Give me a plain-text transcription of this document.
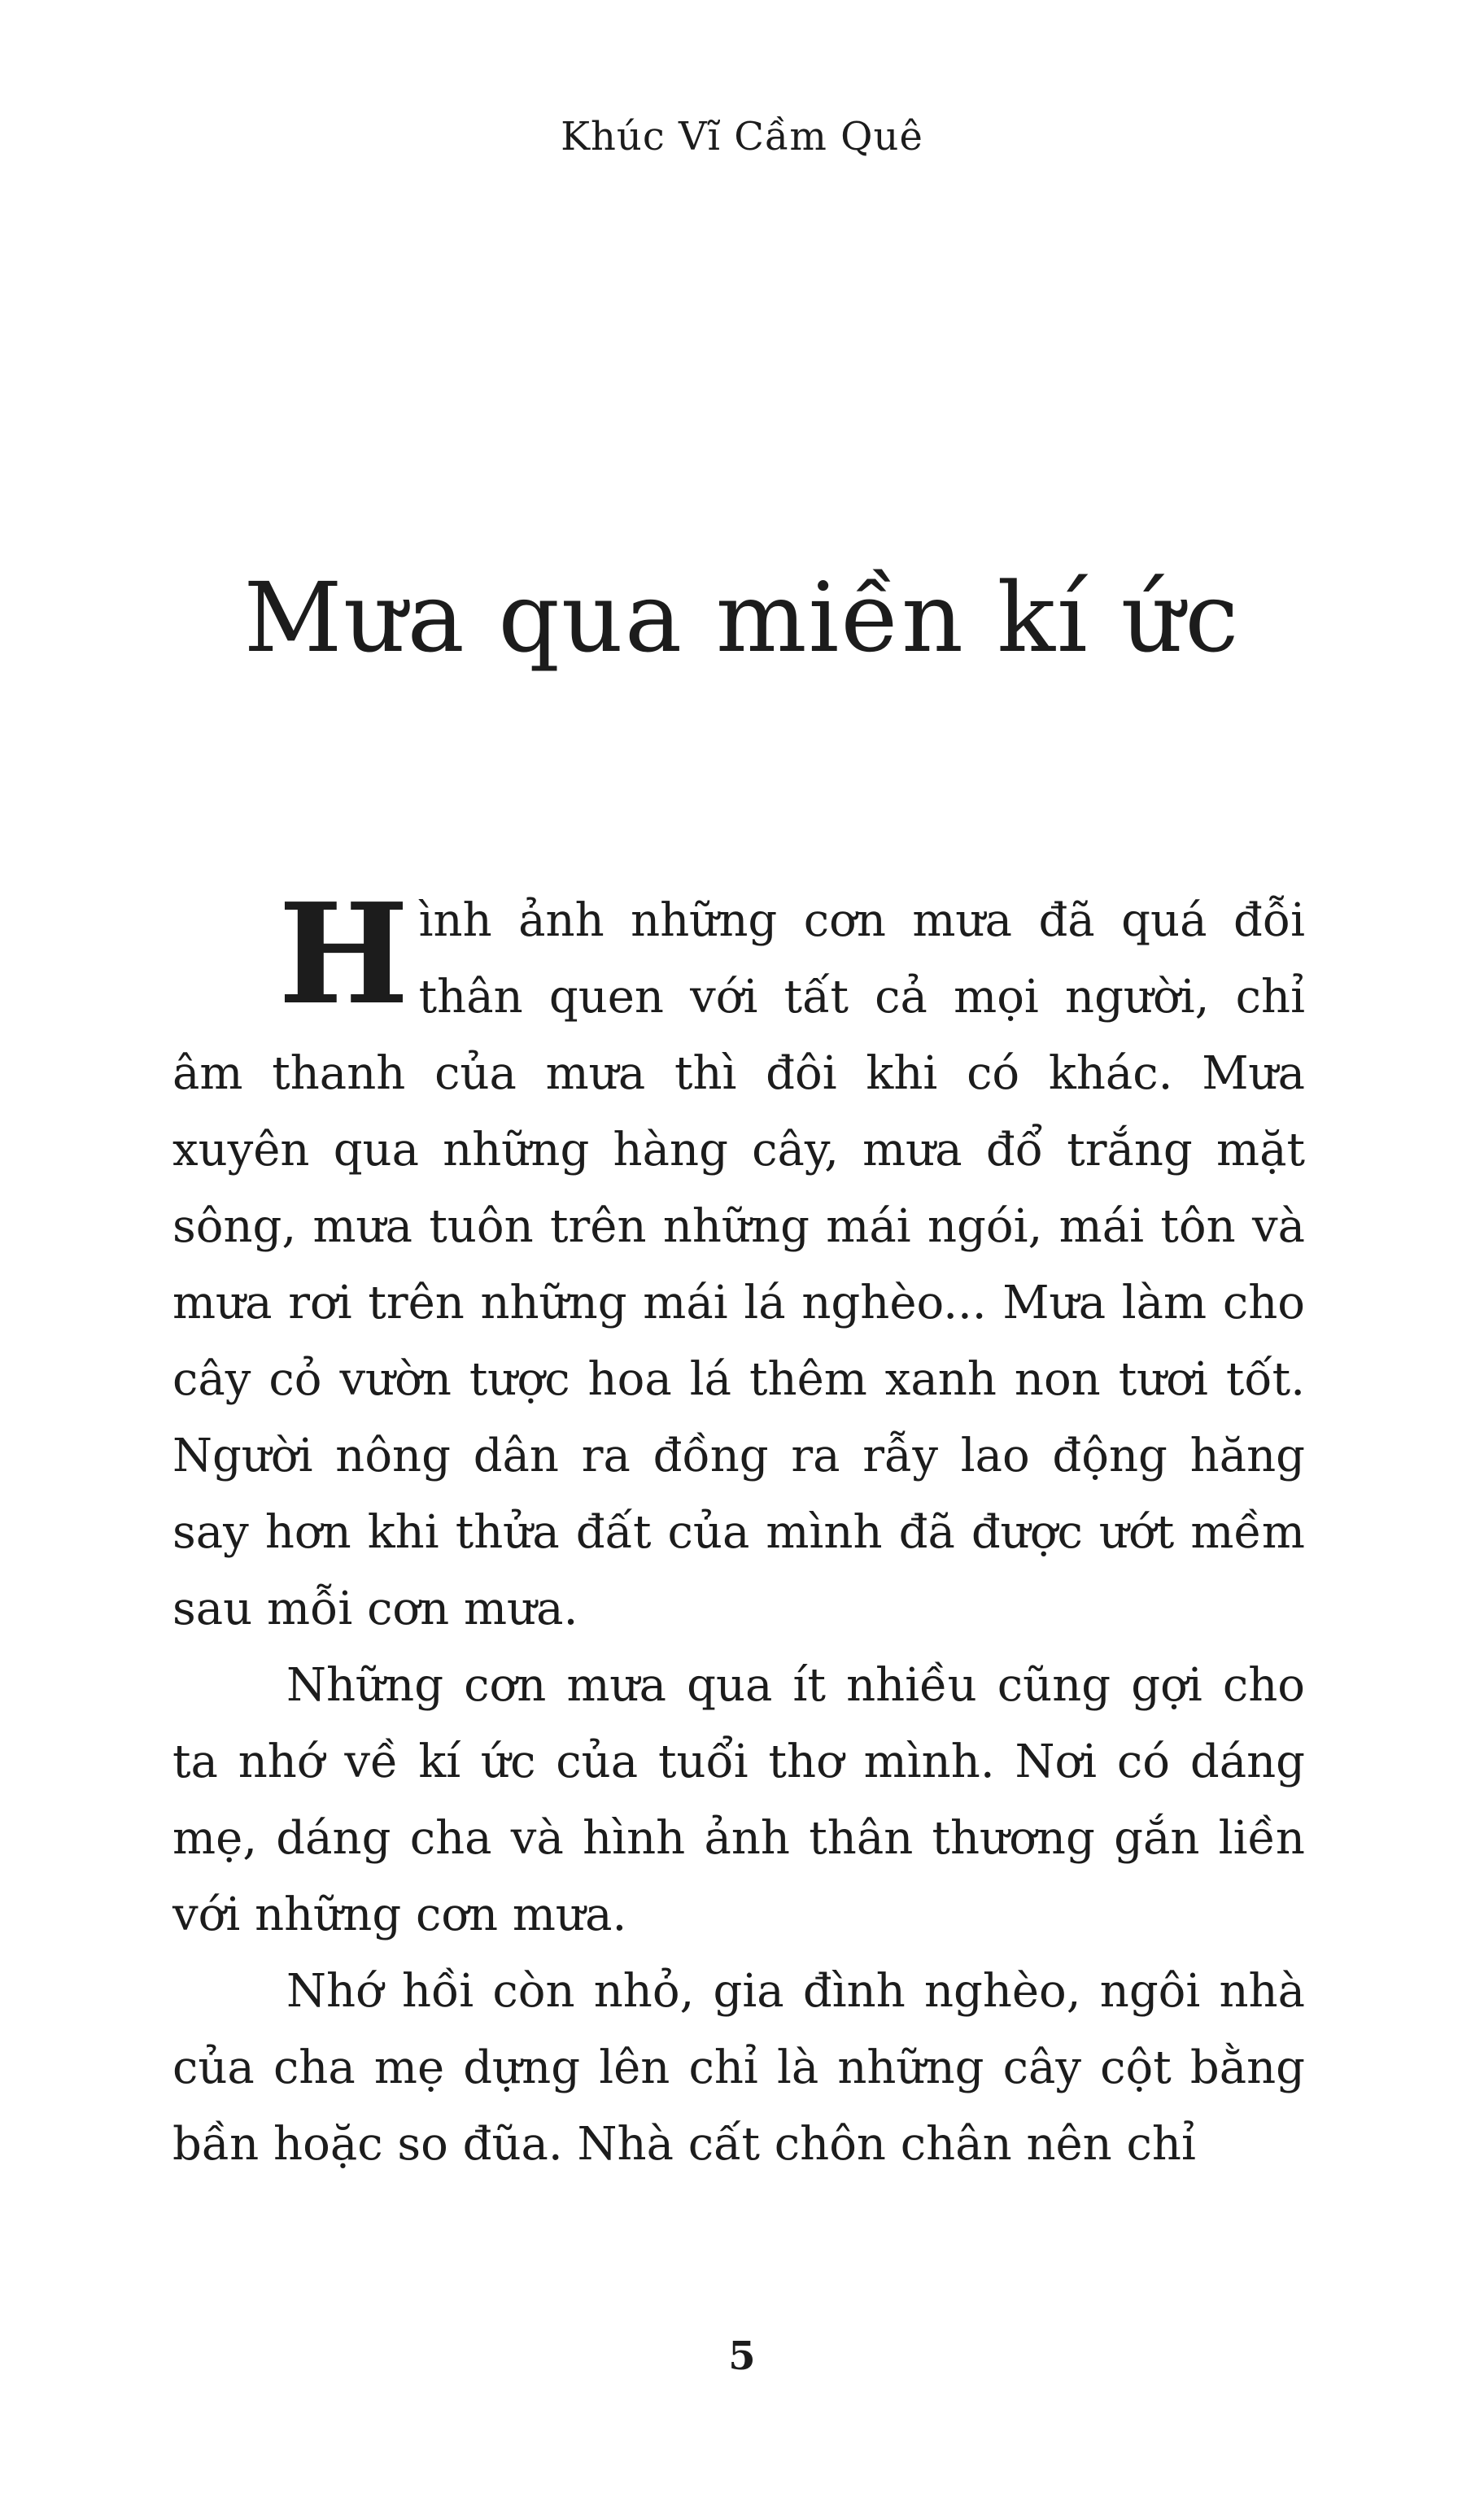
Khúc Vĩ Cầm Quê
Mưa qua miền kí ức

Hình ảnh những cơn mưa đã quá đỗi thân quen với tất cả mọi người, chỉ âm thanh của mưa thì đôi khi có khác. Mưa xuyên qua những hàng cây, mưa đổ trắng mặt sông, mưa tuôn trên những mái ngói, mái tôn và mưa rơi trên những mái lá nghèo... Mưa làm cho cây cỏ vườn tược hoa lá thêm xanh non tươi tốt. Người nông dân ra đồng ra rẫy lao động hăng say hơn khi thửa đất của mình đã được ướt mềm sau mỗi cơn mưa.

Những cơn mưa qua ít nhiều cũng gợi cho ta nhớ về kí ức của tuổi thơ mình. Nơi có dáng mẹ, dáng cha và hình ảnh thân thương gắn liền với những cơn mưa.

Nhớ hồi còn nhỏ, gia đình nghèo, ngôi nhà của cha mẹ dựng lên chỉ là những cây cột bằng bần hoặc so đũa. Nhà cất chôn chân nên chỉ

5
